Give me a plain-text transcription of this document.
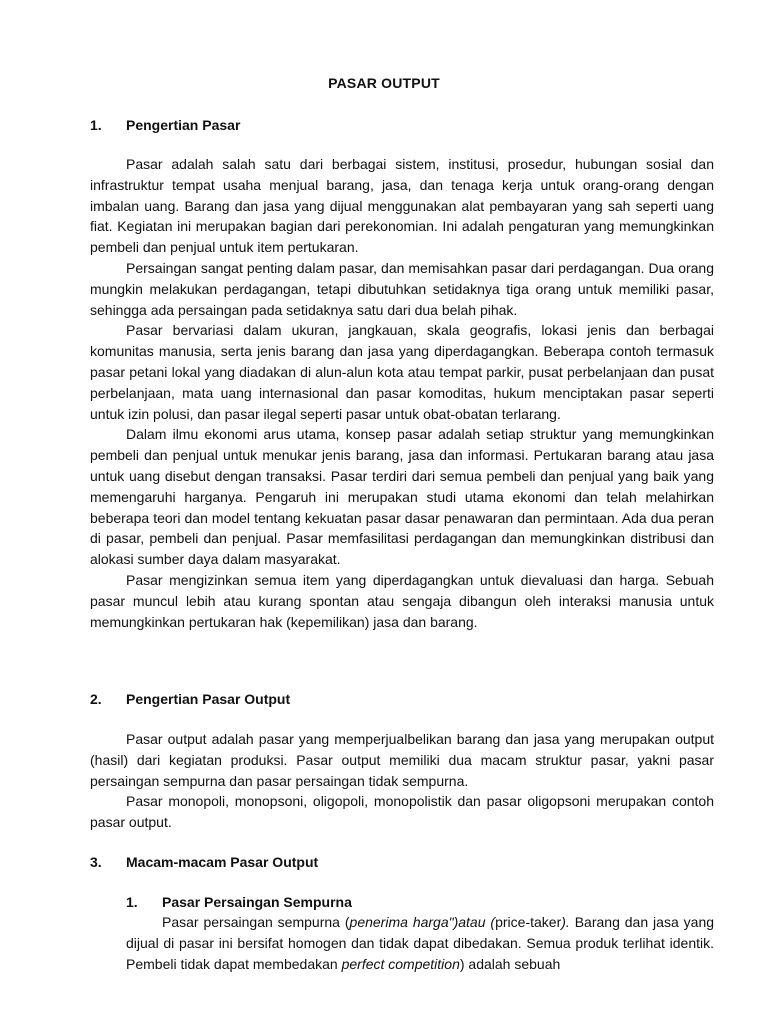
PASAR OUTPUT
1. Pengertian Pasar

Pasar adalah salah satu dari berbagai sistem, institusi, prosedur, hubungan sosial dan infrastruktur tempat usaha menjual barang, jasa, dan tenaga kerja untuk orang-orang dengan imbalan uang. Barang dan jasa yang dijual menggunakan alat pembayaran yang sah seperti uang fiat. Kegiatan ini merupakan bagian dari perekonomian. Ini adalah pengaturan yang memungkinkan pembeli dan penjual untuk item pertukaran.

Persaingan sangat penting dalam pasar, dan memisahkan pasar dari perdagangan. Dua orang mungkin melakukan perdagangan, tetapi dibutuhkan setidaknya tiga orang untuk memiliki pasar, sehingga ada persaingan pada setidaknya satu dari dua belah pihak.

Pasar bervariasi dalam ukuran, jangkauan, skala geografis, lokasi jenis dan berbagai komunitas manusia, serta jenis barang dan jasa yang diperdagangkan. Beberapa contoh termasuk pasar petani lokal yang diadakan di alun-alun kota atau tempat parkir, pusat perbelanjaan dan pusat perbelanjaan, mata uang internasional dan pasar komoditas, hukum menciptakan pasar seperti untuk izin polusi, dan pasar ilegal seperti pasar untuk obat-obatan terlarang.

Dalam ilmu ekonomi arus utama, konsep pasar adalah setiap struktur yang memungkinkan pembeli dan penjual untuk menukar jenis barang, jasa dan informasi. Pertukaran barang atau jasa untuk uang disebut dengan transaksi. Pasar terdiri dari semua pembeli dan penjual yang baik yang memengaruhi harganya. Pengaruh ini merupakan studi utama ekonomi dan telah melahirkan beberapa teori dan model tentang kekuatan pasar dasar penawaran dan permintaan. Ada dua peran di pasar, pembeli dan penjual. Pasar memfasilitasi perdagangan dan memungkinkan distribusi dan alokasi sumber daya dalam masyarakat.

Pasar mengizinkan semua item yang diperdagangkan untuk dievaluasi dan harga. Sebuah pasar muncul lebih atau kurang spontan atau sengaja dibangun oleh interaksi manusia untuk memungkinkan pertukaran hak (kepemilikan) jasa dan barang.

2. Pengertian Pasar Output

Pasar output adalah pasar yang memperjualbelikan barang dan jasa yang merupakan output (hasil) dari kegiatan produksi. Pasar output memiliki dua macam struktur pasar, yakni pasar persaingan sempurna dan pasar persaingan tidak sempurna.

Pasar monopoli, monopsoni, oligopoli, monopolistik dan pasar oligopsoni merupakan contoh pasar output.

3. Macam-macam Pasar Output
1. Pasar Persaingan Sempurna

Pasar persaingan sempurna (penerima harga")atau (price-taker). Barang dan jasa yang dijual di pasar ini bersifat homogen dan tidak dapat dibedakan. Semua produk terlihat identik. Pembeli tidak dapat membedakan perfect competition) adalah sebuah
